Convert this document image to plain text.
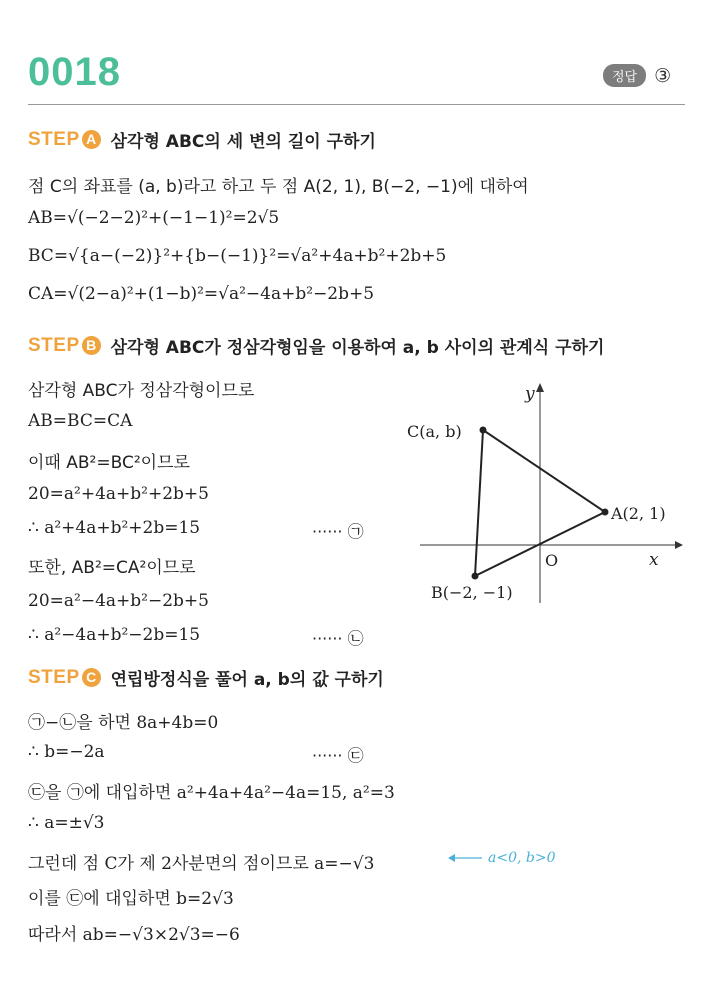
0018	정답 ③
STEP A 삼각형 ABC의 세 변의 길이 구하기
점 C의 좌표를 (a, b)라고 하고 두 점 A(2, 1), B(−2, −1)에 대하여
AB=√(−2−2)²+(−1−1)²=2√5
BC=√{a−(−2)}²+{b−(−1)}²=√a²+4a+b²+2b+5
CA=√(2−a)²+(1−b)²=√a²−4a+b²−2b+5
STEP B 삼각형 ABC가 정삼각형임을 이용하여 a, b 사이의 관계식 구하기
삼각형 ABC가 정삼각형이므로
AB=BC=CA
이때 AB²=BC²이므로
20=a²+4a+b²+2b+5
∴ a²+4a+b²+2b=15	······ ㉠
또한, AB²=CA²이므로
20=a²−4a+b²−2b+5
∴ a²−4a+b²−2b=15	······ ㉡
y
x
O
C(a, b)
A(2, 1)
B(−2, −1)
STEP C 연립방정식을 풀어 a, b의 값 구하기
㉠−㉡을 하면 8a+4b=0
∴ b=−2a	······ ㉢
㉢을 ㉠에 대입하면 a²+4a+4a²−4a=15, a²=3
∴ a=±√3
그런데 점 C가 제 2사분면의 점이므로 a=−√3	a<0, b>0
이를 ㉢에 대입하면 b=2√3
따라서 ab=−√3×2√3=−6
